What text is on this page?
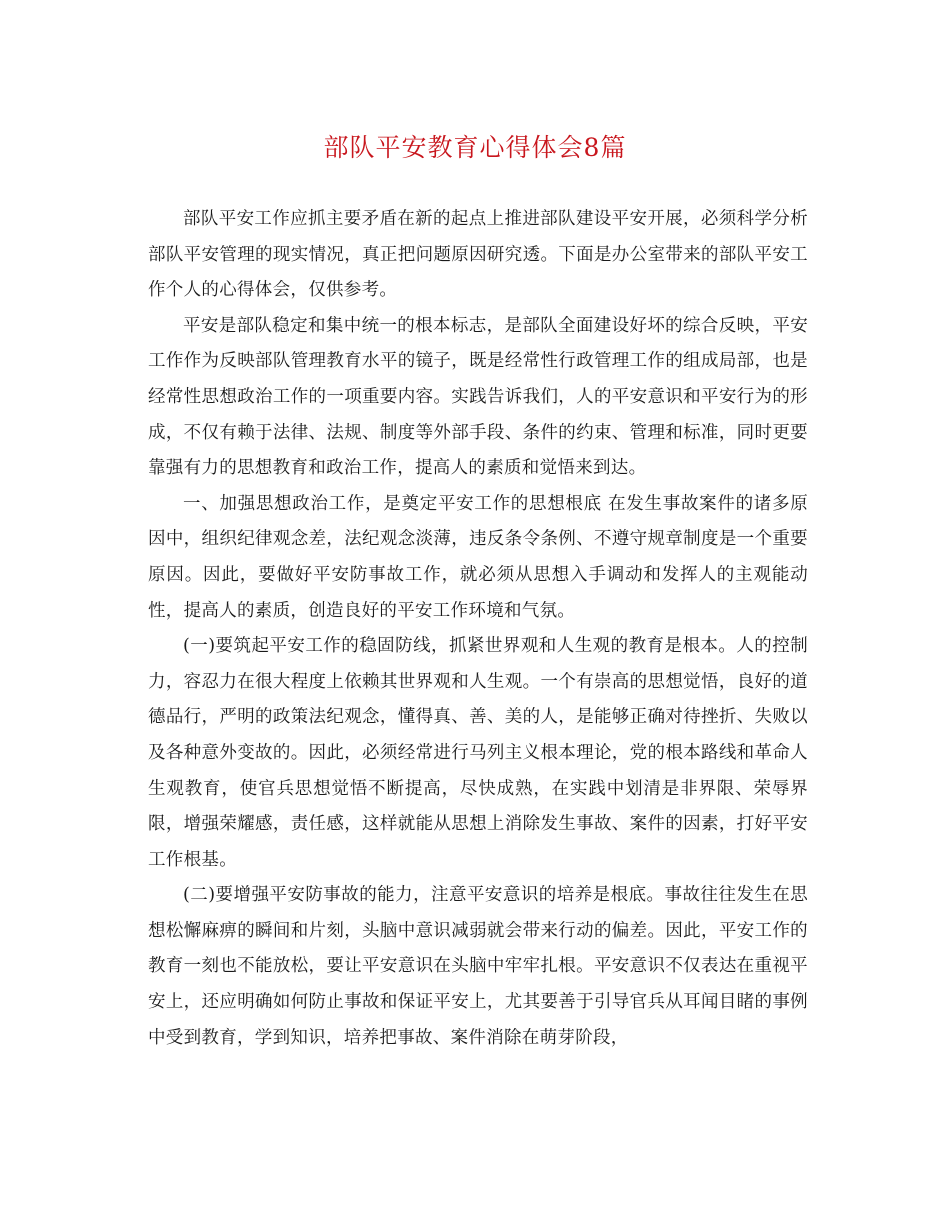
部队平安教育心得体会8篇

部队平安工作应抓主要矛盾在新的起点上推进部队建设平安开展，必须科学分析部队平安管理的现实情况，真正把问题原因研究透。下面是办公室带来的部队平安工作个人的心得体会，仅供参考。

平安是部队稳定和集中统一的根本标志，是部队全面建设好坏的综合反映，平安工作作为反映部队管理教育水平的镜子，既是经常性行政管理工作的组成局部，也是经常性思想政治工作的一项重要内容。实践告诉我们，人的平安意识和平安行为的形成，不仅有赖于法律、法规、制度等外部手段、条件的约束、管理和标准，同时更要靠强有力的思想教育和政治工作，提高人的素质和觉悟来到达。

一、加强思想政治工作，是奠定平安工作的思想根底 在发生事故案件的诸多原因中，组织纪律观念差，法纪观念淡薄，违反条令条例、不遵守规章制度是一个重要原因。因此，要做好平安防事故工作，就必须从思想入手调动和发挥人的主观能动性，提高人的素质，创造良好的平安工作环境和气氛。

(一)要筑起平安工作的稳固防线，抓紧世界观和人生观的教育是根本。人的控制力，容忍力在很大程度上依赖其世界观和人生观。一个有崇高的思想觉悟，良好的道德品行，严明的政策法纪观念，懂得真、善、美的人，是能够正确对待挫折、失败以及各种意外变故的。因此，必须经常进行马列主义根本理论，党的根本路线和革命人生观教育，使官兵思想觉悟不断提高，尽快成熟，在实践中划清是非界限、荣辱界限，增强荣耀感，责任感，这样就能从思想上消除发生事故、案件的因素，打好平安工作根基。

(二)要增强平安防事故的能力，注意平安意识的培养是根底。事故往往发生在思想松懈麻痹的瞬间和片刻，头脑中意识减弱就会带来行动的偏差。因此，平安工作的教育一刻也不能放松，要让平安意识在头脑中牢牢扎根。平安意识不仅表达在重视平安上，还应明确如何防止事故和保证平安上，尤其要善于引导官兵从耳闻目睹的事例中受到教育，学到知识，培养把事故、案件消除在萌芽阶段，
